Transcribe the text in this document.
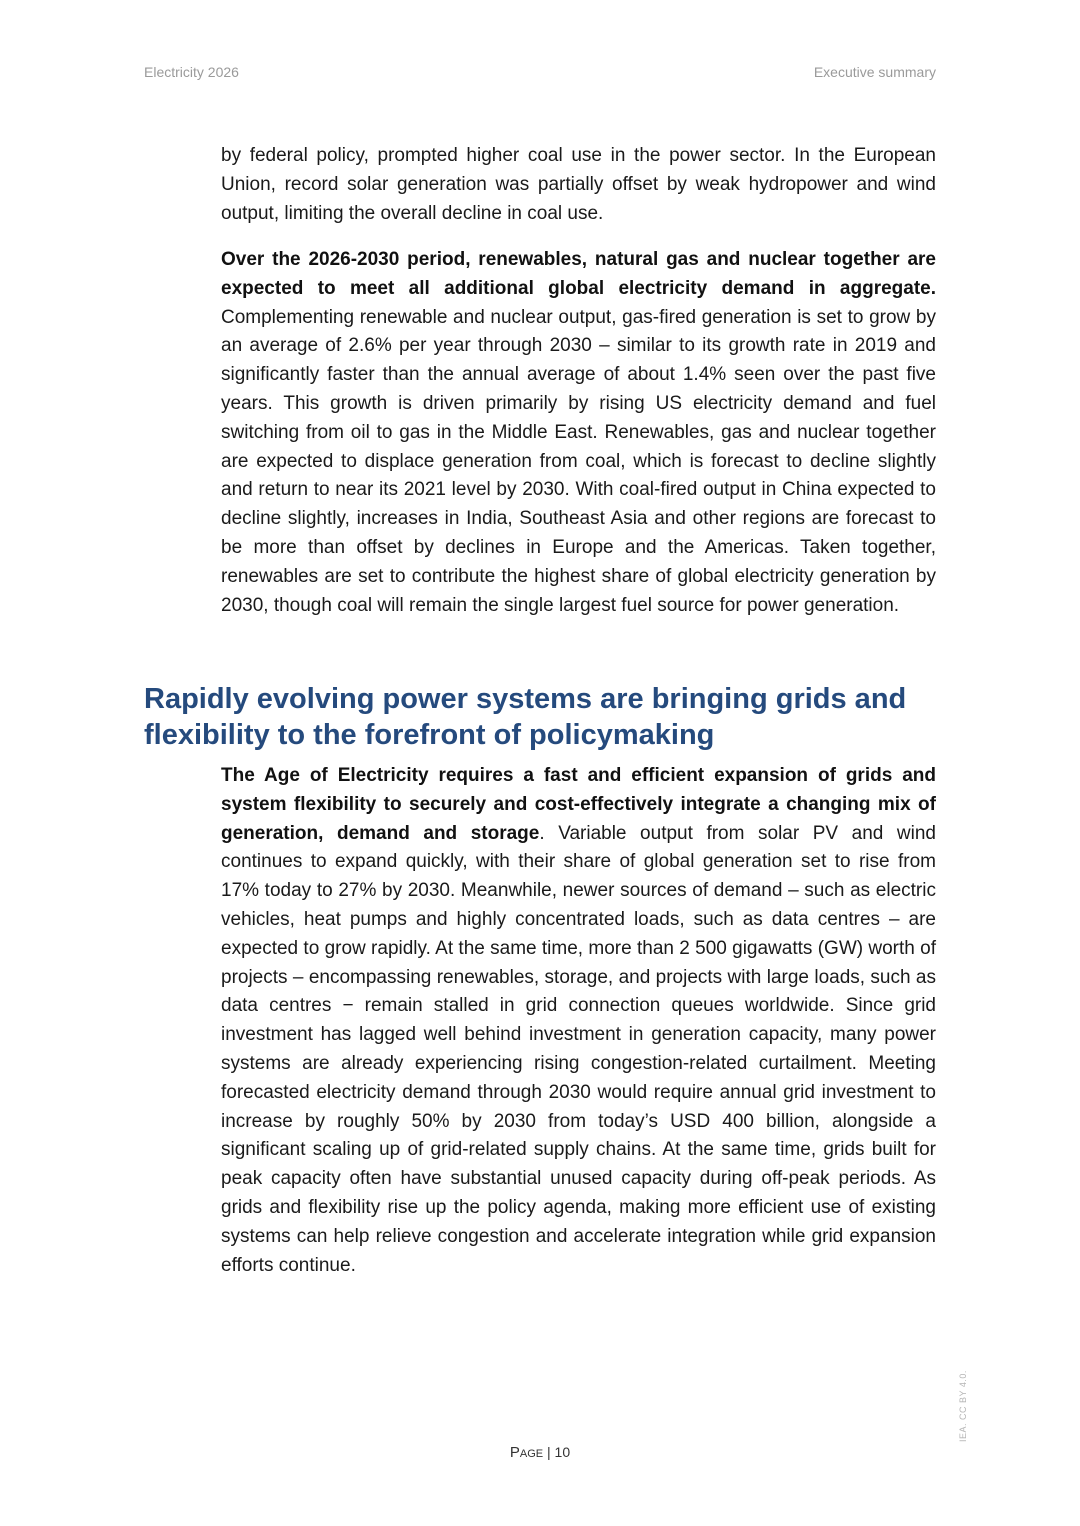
Electricity 2026	Executive summary

by federal policy, prompted higher coal use in the power sector. In the European Union, record solar generation was partially offset by weak hydropower and wind output, limiting the overall decline in coal use.

Over the 2026-2030 period, renewables, natural gas and nuclear together are expected to meet all additional global electricity demand in aggregate. Complementing renewable and nuclear output, gas-fired generation is set to grow by an average of 2.6% per year through 2030 – similar to its growth rate in 2019 and significantly faster than the annual average of about 1.4% seen over the past five years. This growth is driven primarily by rising US electricity demand and fuel switching from oil to gas in the Middle East. Renewables, gas and nuclear together are expected to displace generation from coal, which is forecast to decline slightly and return to near its 2021 level by 2030. With coal-fired output in China expected to decline slightly, increases in India, Southeast Asia and other regions are forecast to be more than offset by declines in Europe and the Americas. Taken together, renewables are set to contribute the highest share of global electricity generation by 2030, though coal will remain the single largest fuel source for power generation.

Rapidly evolving power systems are bringing grids and flexibility to the forefront of policymaking

The Age of Electricity requires a fast and efficient expansion of grids and system flexibility to securely and cost-effectively integrate a changing mix of generation, demand and storage. Variable output from solar PV and wind continues to expand quickly, with their share of global generation set to rise from 17% today to 27% by 2030. Meanwhile, newer sources of demand – such as electric vehicles, heat pumps and highly concentrated loads, such as data centres – are expected to grow rapidly. At the same time, more than 2 500 gigawatts (GW) worth of projects – encompassing renewables, storage, and projects with large loads, such as data centres − remain stalled in grid connection queues worldwide. Since grid investment has lagged well behind investment in generation capacity, many power systems are already experiencing rising congestion-related curtailment. Meeting forecasted electricity demand through 2030 would require annual grid investment to increase by roughly 50% by 2030 from today’s USD 400 billion, alongside a significant scaling up of grid-related supply chains. At the same time, grids built for peak capacity often have substantial unused capacity during off-peak periods. As grids and flexibility rise up the policy agenda, making more efficient use of existing systems can help relieve congestion and accelerate integration while grid expansion efforts continue.

Page | 10
IEA. CC BY 4.0.
